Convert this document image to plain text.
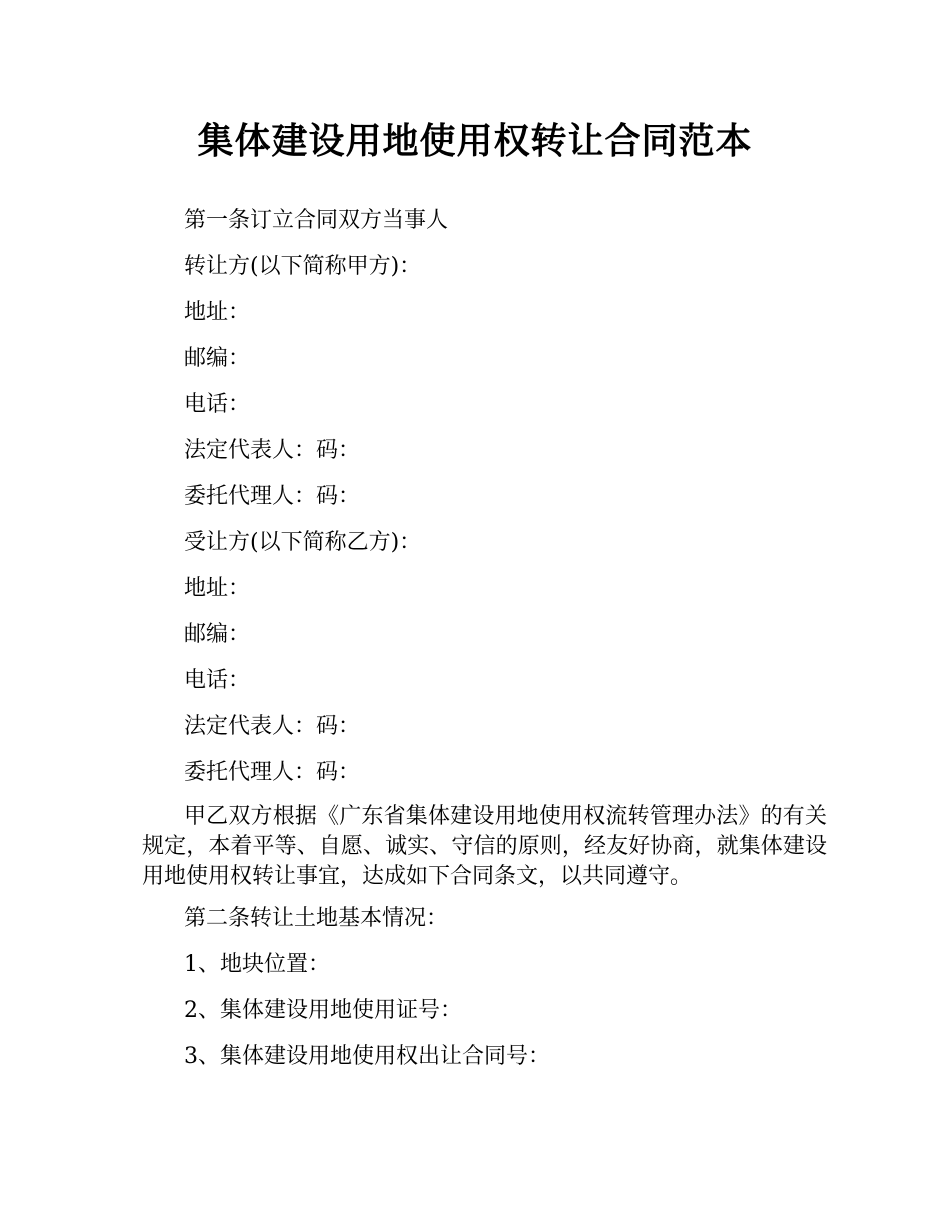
集体建设用地使用权转让合同范本

第一条订立合同双方当事人

转让方(以下简称甲方)：

地址：

邮编：

电话：

法定代表人：码：

委托代理人：码：

受让方(以下简称乙方)：

地址：

邮编：

电话：

法定代表人：码：

委托代理人：码：

甲乙双方根据《广东省集体建设用地使用权流转管理办法》的有关规定，本着平等、自愿、诚实、守信的原则，经友好协商，就集体建设用地使用权转让事宜，达成如下合同条文，以共同遵守。

第二条转让土地基本情况：

1、地块位置：

2、集体建设用地使用证号：

3、集体建设用地使用权出让合同号：
